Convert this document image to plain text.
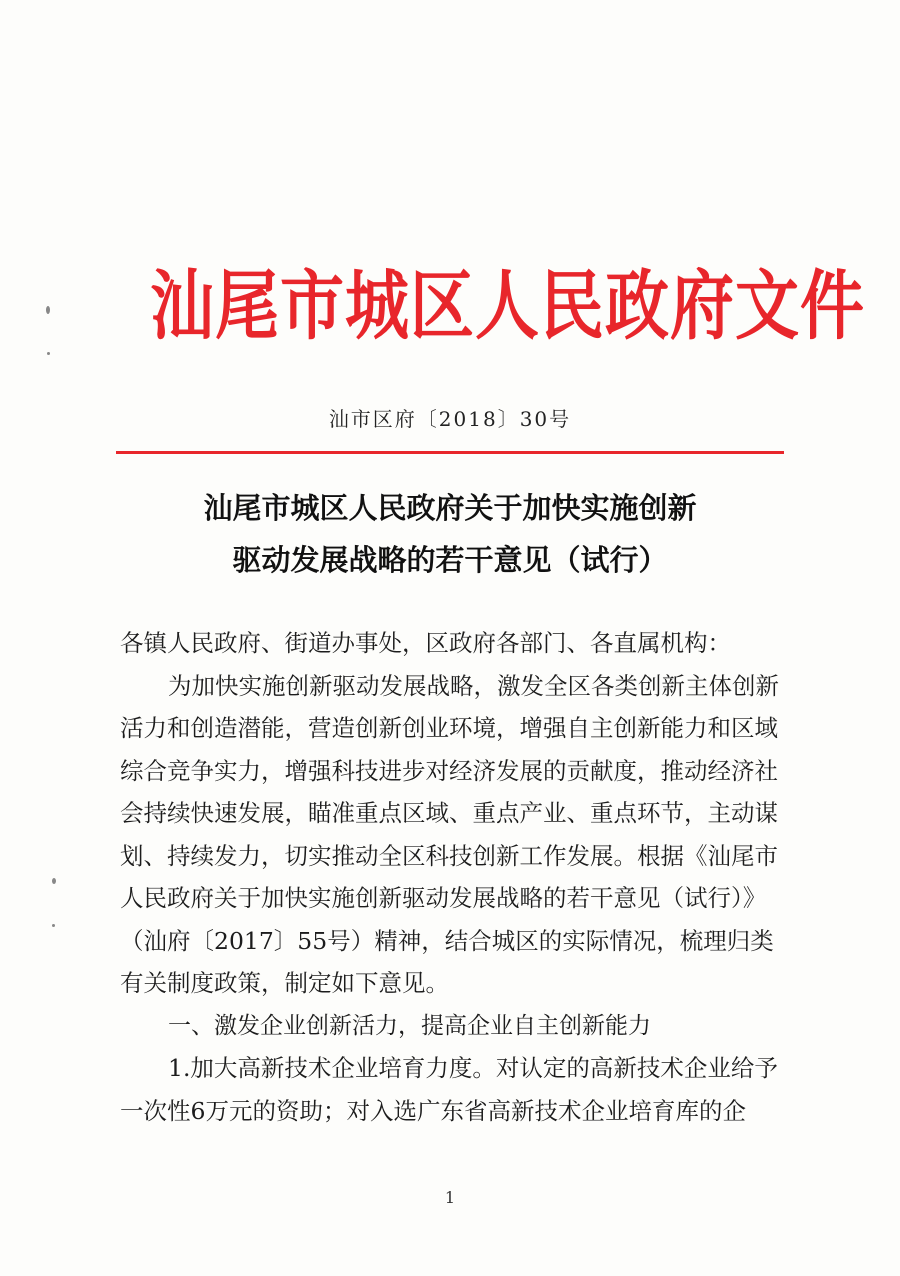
汕尾市城区人民政府文件
汕市区府〔2018〕30号
汕尾市城区人民政府关于加快实施创新
驱动发展战略的若干意见（试行）
各镇人民政府、街道办事处，区政府各部门、各直属机构：
为加快实施创新驱动发展战略，激发全区各类创新主体创新
活力和创造潜能，营造创新创业环境，增强自主创新能力和区域
综合竞争实力，增强科技进步对经济发展的贡献度，推动经济社
会持续快速发展，瞄准重点区域、重点产业、重点环节，主动谋
划、持续发力，切实推动全区科技创新工作发展。根据《汕尾市
人民政府关于加快实施创新驱动发展战略的若干意见（试行）》
（汕府〔2017〕55号）精神，结合城区的实际情况，梳理归类
有关制度政策，制定如下意见。
一、激发企业创新活力，提高企业自主创新能力
1.加大高新技术企业培育力度。对认定的高新技术企业给予
一次性6万元的资助；对入选广东省高新技术企业培育库的企
1
